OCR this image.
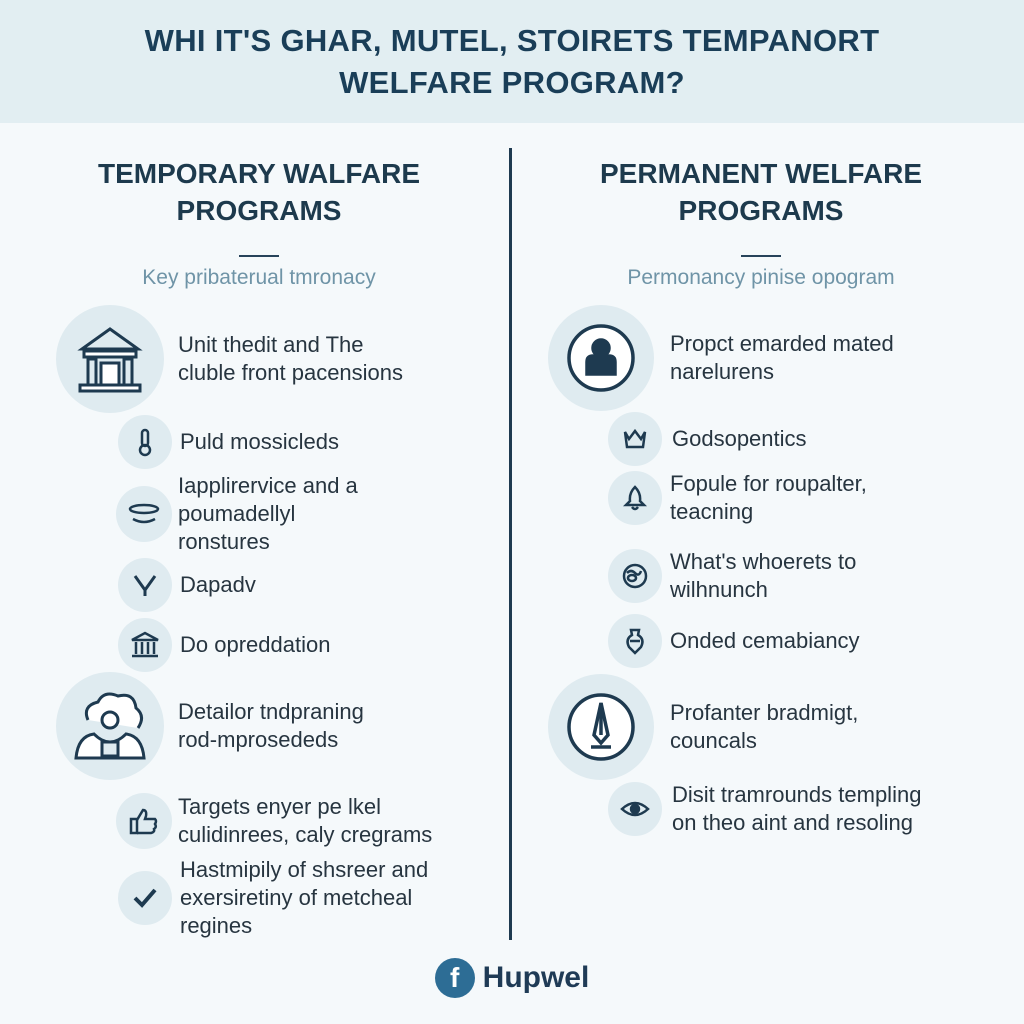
WHI IT'S GHAR, MUTEL, STOIRETS TEMPANORT
WELFARE PROGRAM?
TEMPORARY WALFARE
PROGRAMS
Key pribaterual tmronacy
Unit thedit and The
cluble front pacensions
Puld mossicleds
Iapplirervice and a
poumadellyl
ronstures
Dapadv
Do opreddation
Detailor tndpraning
rod-mprosededs
Targets enyer pe lkel
culidinrees, caly cregrams
Hastmipily of shsreer and
exersiretiny of metcheal
regines
PERMANENT WELFARE
PROGRAMS
Permonancy pinise opogram
Propct emarded mated
narelurens
Godsopentics
Fopule for roupalter,
teacning
What's whoerets to
wilhnunch
Onded cemabiancy
Profanter bradmigt,
councals
Disit tramrounds templing
on theo aint and resoling
f Hupwel
